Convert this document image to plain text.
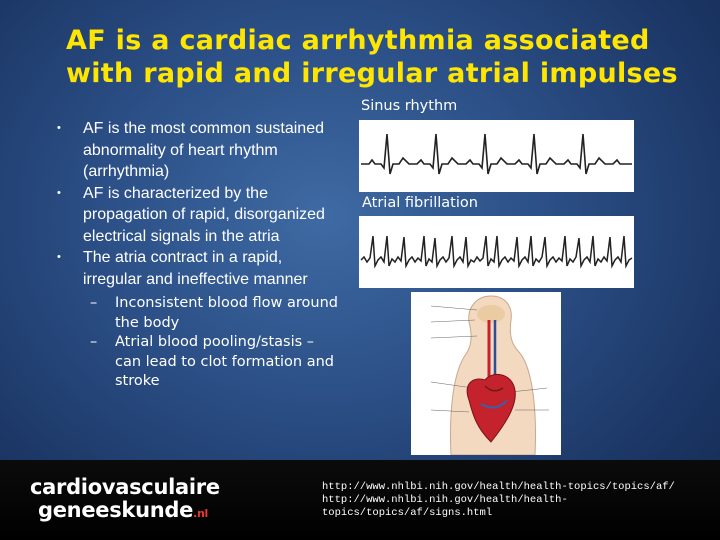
AF is a cardiac arrhythmia associated
with rapid and irregular atrial impulses
• AF is the most common sustained abnormality of heart rhythm (arrhythmia)
• AF is characterized by the propagation of rapid, disorganized electrical signals in the atria
• The atria contract in a rapid, irregular and ineffective manner
– Inconsistent blood flow around the body
– Atrial blood pooling/stasis – can lead to clot formation and stroke
Sinus rhythm
Atrial fibrillation
cardiovasculaire
geneeskunde.nl
http://www.nhlbi.nih.gov/health/health-topics/topics/af/
http://www.nhlbi.nih.gov/health/health-topics/topics/af/signs.html
